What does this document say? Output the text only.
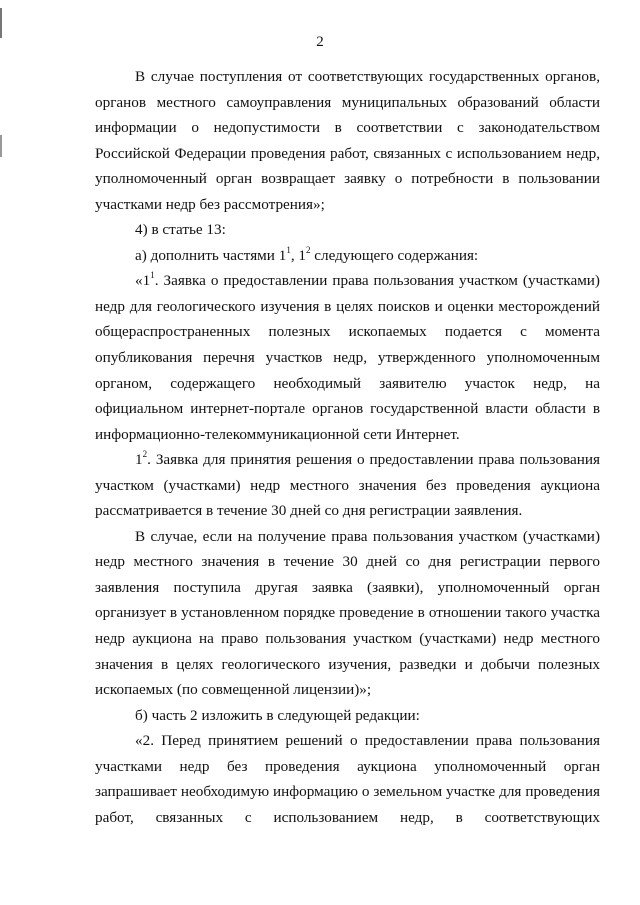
2

В случае поступления от соответствующих государственных органов, органов местного самоуправления муниципальных образований области информации о недопустимости в соответствии с законодательством Российской Федерации проведения работ, связанных с использованием недр, уполномоченный орган возвращает заявку о потребности в пользовании участками недр без рассмотрения»;

4) в статье 13:

а) дополнить частями $1^1$, $1^2$ следующего содержания:

«$1^1$. Заявка о предоставлении права пользования участком (участками) недр для геологического изучения в целях поисков и оценки месторождений общераспространенных полезных ископаемых подается с момента опубликования перечня участков недр, утвержденного уполномоченным органом, содержащего необходимый заявителю участок недр, на официальном интернет-портале органов государственной власти области в информационно-телекоммуникационной сети Интернет.

$1^2$. Заявка для принятия решения о предоставлении права пользования участком (участками) недр местного значения без проведения аукциона рассматривается в течение 30 дней со дня регистрации заявления.

В случае, если на получение права пользования участком (участками) недр местного значения в течение 30 дней со дня регистрации первого заявления поступила другая заявка (заявки), уполномоченный орган организует в установленном порядке проведение в отношении такого участка недр аукциона на право пользования участком (участками) недр местного значения в целях геологического изучения, разведки и добычи полезных ископаемых (по совмещенной лицензии)»;

б) часть 2 изложить в следующей редакции:

«2. Перед принятием решений о предоставлении права пользования участками недр без проведения аукциона уполномоченный орган запрашивает необходимую информацию о земельном участке для проведения работ, связанных с использованием недр, в соответствующих
